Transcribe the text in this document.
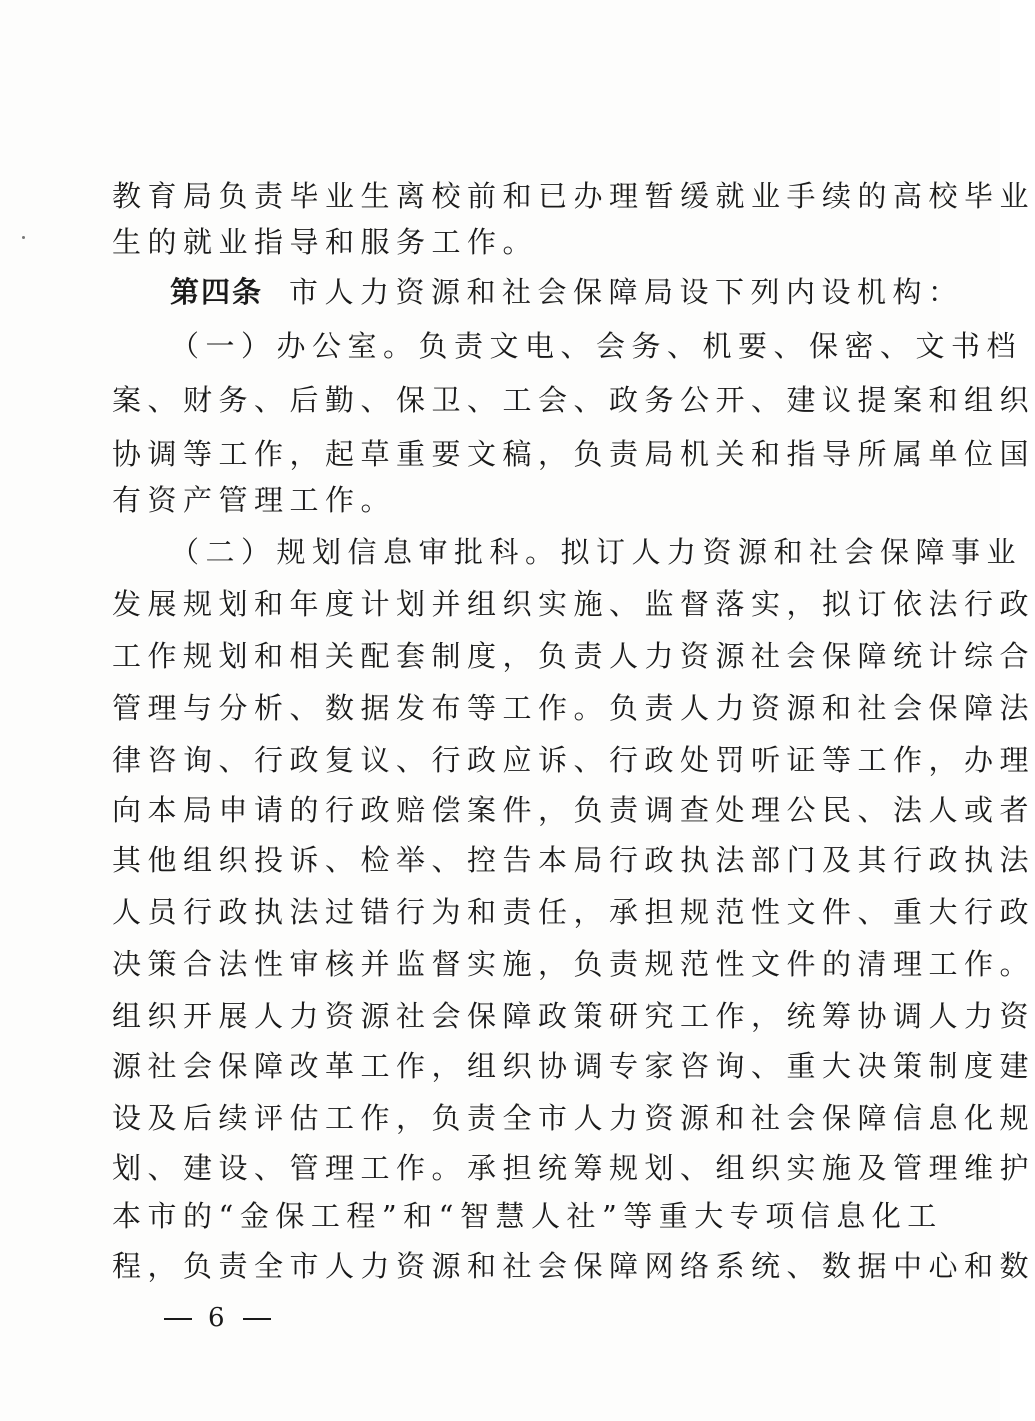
教育局负责毕业生离校前和已办理暂缓就业手续的高校毕业
生的就业指导和服务工作。
第四条 市人力资源和社会保障局设下列内设机构：
（一）办公室。负责文电、会务、机要、保密、文书档
案、财务、后勤、保卫、工会、政务公开、建议提案和组织
协调等工作，起草重要文稿，负责局机关和指导所属单位国
有资产管理工作。
（二）规划信息审批科。拟订人力资源和社会保障事业
发展规划和年度计划并组织实施、监督落实，拟订依法行政
工作规划和相关配套制度，负责人力资源社会保障统计综合
管理与分析、数据发布等工作。负责人力资源和社会保障法
律咨询、行政复议、行政应诉、行政处罚听证等工作，办理
向本局申请的行政赔偿案件，负责调查处理公民、法人或者
其他组织投诉、检举、控告本局行政执法部门及其行政执法
人员行政执法过错行为和责任，承担规范性文件、重大行政
决策合法性审核并监督实施，负责规范性文件的清理工作。
组织开展人力资源社会保障政策研究工作，统筹协调人力资
源社会保障改革工作，组织协调专家咨询、重大决策制度建
设及后续评估工作，负责全市人力资源和社会保障信息化规
划、建设、管理工作。承担统筹规划、组织实施及管理维护
本市的“金保工程”和“智慧人社”等重大专项信息化工
程，负责全市人力资源和社会保障网络系统、数据中心和数
6
